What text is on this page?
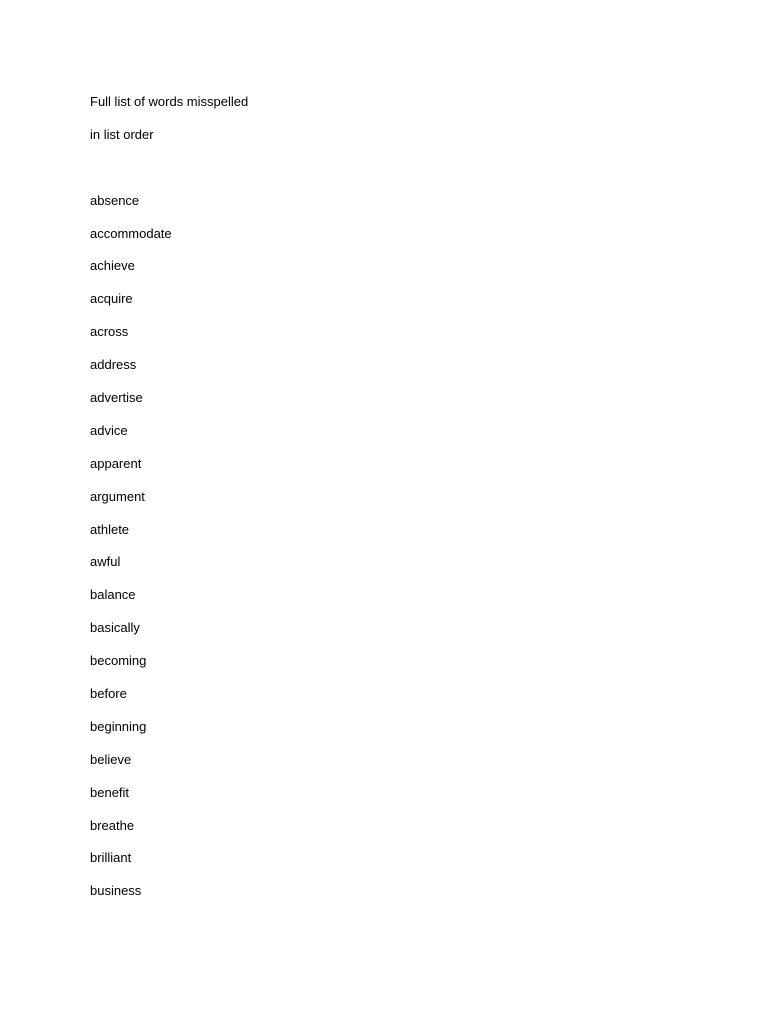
Full list of words misspelled
in list order
absence
accommodate
achieve
acquire
across
address
advertise
advice
apparent
argument
athlete
awful
balance
basically
becoming
before
beginning
believe
benefit
breathe
brilliant
business
